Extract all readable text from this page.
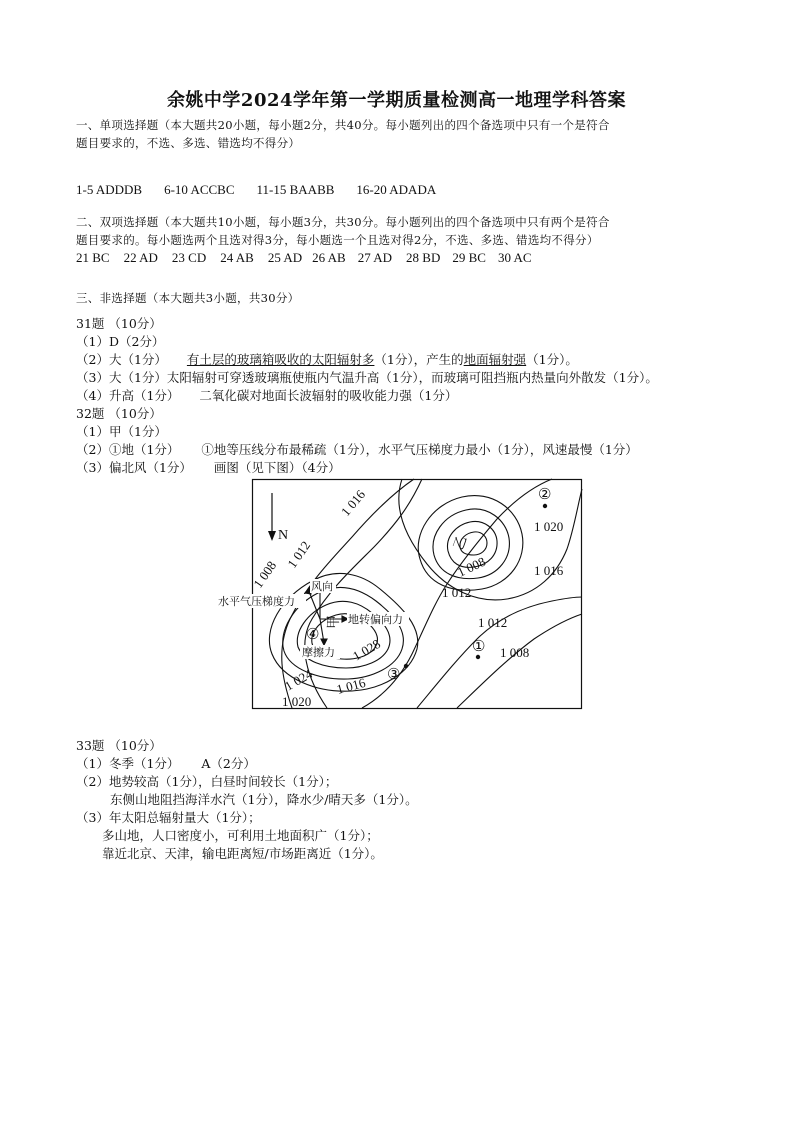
余姚中学2024学年第一学期质量检测高一地理学科答案
一、单项选择题（本大题共20小题，每小题2分，共40分。每小题列出的四个备选项中只有一个是符合
题目要求的，不选、多选、错选均不得分）
1-5 ADDDB 6-10 ACCBC 11-15 BAABB 16-20 ADADA
二、双项选择题（本大题共10小题，每小题3分，共30分。每小题列出的四个备选项中只有两个是符合
题目要求的。每小题选两个且选对得3分，每小题选一个且选对得2分，不选、多选、错选均不得分）
21 BC 22 AD 23 CD 24 AB 25 AD 26 AB 27 AD 28 BD 29 BC 30 AC
三、非选择题（本大题共3小题，共30分）
31题 （10分）
（1）D（2分）
（2）大（1分） 有土层的玻璃箱吸收的太阳辐射多（1分），产生的地面辐射强（1分）。
（3）大（1分）太阳辐射可穿透玻璃瓶使瓶内气温升高（1分），而玻璃可阻挡瓶内热量向外散发（1分）。
（4）升高（1分） 二氧化碳对地面长波辐射的吸收能力强（1分）
32题 （10分）
（1）甲（1分）
（2）①地（1分） ①地等压线分布最稀疏（1分），水平气压梯度力最小（1分），风速最慢（1分）
（3）偏北风（1分） 画图（见下图）（4分）
1 016
1 020
1 012
1 008	1 016
1 008
1 012
1 012
1 008
1 028
1 024 1 016
1 020
乙
甲
N
②
①
③
④
风向
水平气压梯度力
地转偏向力
摩擦力
33题 （10分）
（1）冬季（1分） A（2分）
（2）地势较高（1分），白昼时间较长（1分）；
东侧山地阻挡海洋水汽（1分），降水少/晴天多（1分）。
（3）年太阳总辐射量大（1分）；
多山地，人口密度小，可利用土地面积广（1分）；
靠近北京、天津，输电距离短/市场距离近（1分）。
